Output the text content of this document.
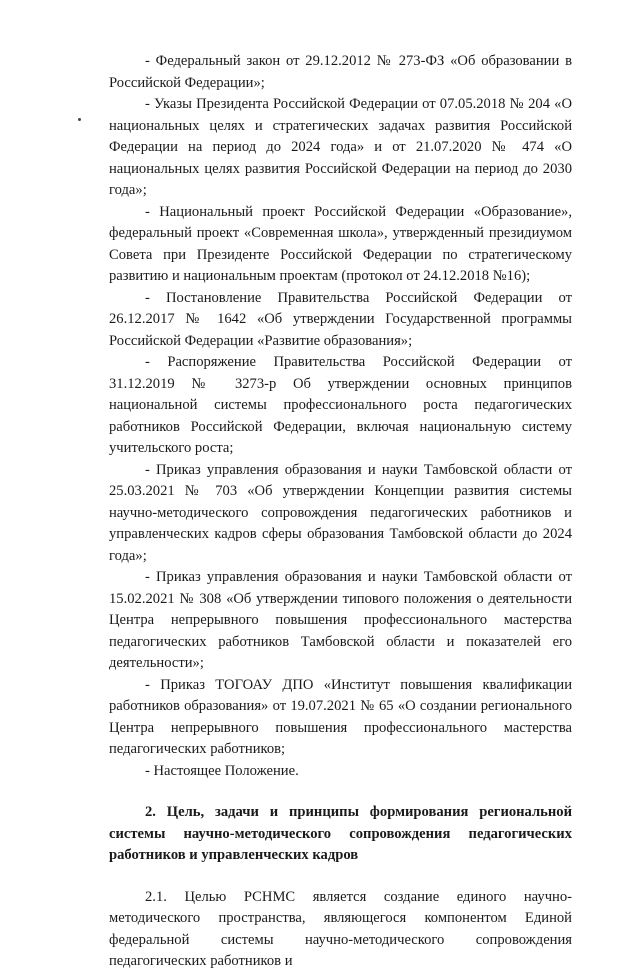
- Федеральный закон от 29.12.2012 № 273-ФЗ «Об образовании в Российской Федерации»;

- Указы Президента Российской Федерации от 07.05.2018 № 204 «О национальных целях и стратегических задачах развития Российской Федерации на период до 2024 года» и от 21.07.2020 № 474 «О национальных целях развития Российской Федерации на период до 2030 года»;

- Национальный проект Российской Федерации «Образование», федеральный проект «Современная школа», утвержденный президиумом Совета при Президенте Российской Федерации по стратегическому развитию и национальным проектам (протокол от 24.12.2018 №16);

- Постановление Правительства Российской Федерации от 26.12.2017 № 1642 «Об утверждении Государственной программы Российской Федерации «Развитие образования»;

- Распоряжение Правительства Российской Федерации от 31.12.2019 № 3273-р Об утверждении основных принципов национальной системы профессионального роста педагогических работников Российской Федерации, включая национальную систему учительского роста;

- Приказ управления образования и науки Тамбовской области от 25.03.2021 № 703 «Об утверждении Концепции развития системы научно-методического сопровождения педагогических работников и управленческих кадров сферы образования Тамбовской области до 2024 года»;

- Приказ управления образования и науки Тамбовской области от 15.02.2021 № 308 «Об утверждении типового положения о деятельности Центра непрерывного повышения профессионального мастерства педагогических работников Тамбовской области и показателей его деятельности»;

- Приказ ТОГОАУ ДПО «Институт повышения квалификации работников образования» от 19.07.2021 № 65 «О создании регионального Центра непрерывного повышения профессионального мастерства педагогических работников;

- Настоящее Положение.

2. Цель, задачи и принципы формирования региональной системы научно-методического сопровождения педагогических работников и управленческих кадров

2.1. Целью РСНМС является создание единого научно-методического пространства, являющегося компонентом Единой федеральной системы научно-методического сопровождения педагогических работников и
